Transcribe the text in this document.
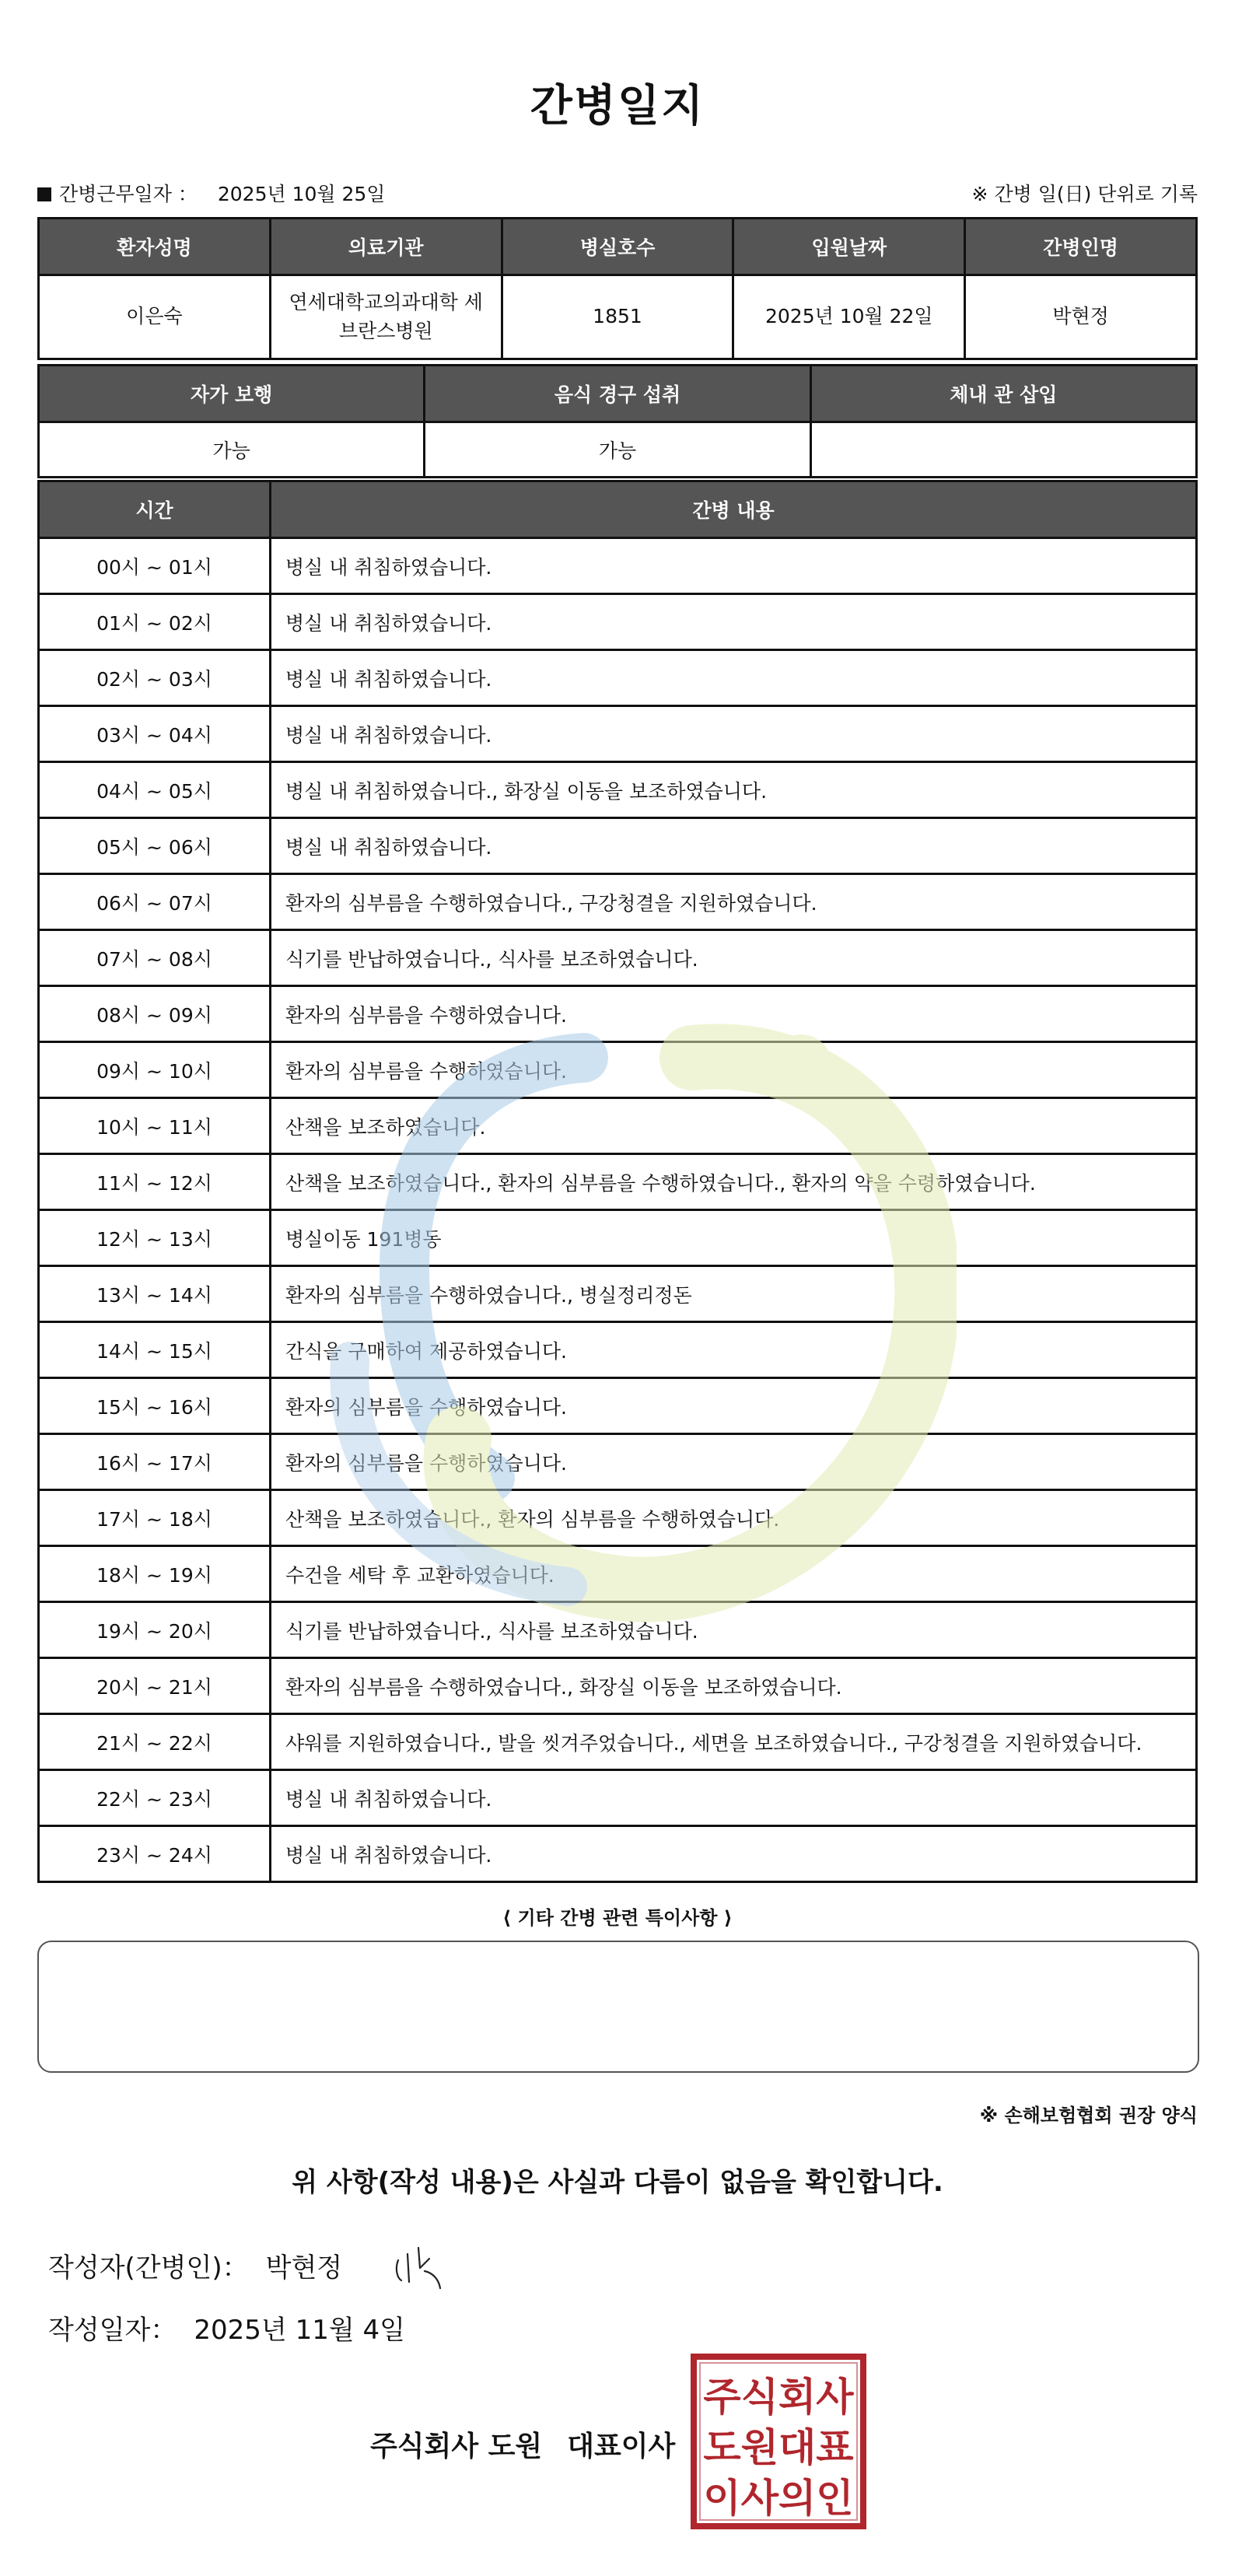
간병일지
간병근무일자 ： 2025년 10월 25일	※ 간병 일(日) 단위로 기록
환자성명	의료기관	병실호수	입원날짜	간병인명
이은숙	연세대학교의과대학 세브란스병원	1851	2025년 10월 22일	박현정
자가 보행	음식 경구 섭취	체내 관 삽입
가능	가능	
시간	간병 내용
00시 ~ 01시	병실 내 취침하였습니다.
01시 ~ 02시	병실 내 취침하였습니다.
02시 ~ 03시	병실 내 취침하였습니다.
03시 ~ 04시	병실 내 취침하였습니다.
04시 ~ 05시	병실 내 취침하였습니다., 화장실 이동을 보조하였습니다.
05시 ~ 06시	병실 내 취침하였습니다.
06시 ~ 07시	환자의 심부름을 수행하였습니다., 구강청결을 지원하였습니다.
07시 ~ 08시	식기를 반납하였습니다., 식사를 보조하였습니다.
08시 ~ 09시	환자의 심부름을 수행하였습니다.
09시 ~ 10시	환자의 심부름을 수행하였습니다.
10시 ~ 11시	산책을 보조하였습니다.
11시 ~ 12시	산책을 보조하였습니다., 환자의 심부름을 수행하였습니다., 환자의 약을 수령하였습니다.
12시 ~ 13시	병실이동 191병동
13시 ~ 14시	환자의 심부름을 수행하였습니다., 병실정리정돈
14시 ~ 15시	간식을 구매하여 제공하였습니다.
15시 ~ 16시	환자의 심부름을 수행하였습니다.
16시 ~ 17시	환자의 심부름을 수행하였습니다.
17시 ~ 18시	산책을 보조하였습니다., 환자의 심부름을 수행하였습니다.
18시 ~ 19시	수건을 세탁 후 교환하였습니다.
19시 ~ 20시	식기를 반납하였습니다., 식사를 보조하였습니다.
20시 ~ 21시	환자의 심부름을 수행하였습니다., 화장실 이동을 보조하였습니다.
21시 ~ 22시	샤워를 지원하였습니다., 발을 씻겨주었습니다., 세면을 보조하였습니다., 구강청결을 지원하였습니다.
22시 ~ 23시	병실 내 취침하였습니다.
23시 ~ 24시	병실 내 취침하였습니다.
⟨ 기타 간병 관련 특이사항 ⟩
※ 손해보험협회 권장 양식
위 사항(작성 내용)은 사실과 다름이 없음을 확인합니다.
작성자(간병인)： 박현정
작성일자： 2025년 11월 4일
주식회사 도원 대표이사
주식회사
도원대표
이사의인
